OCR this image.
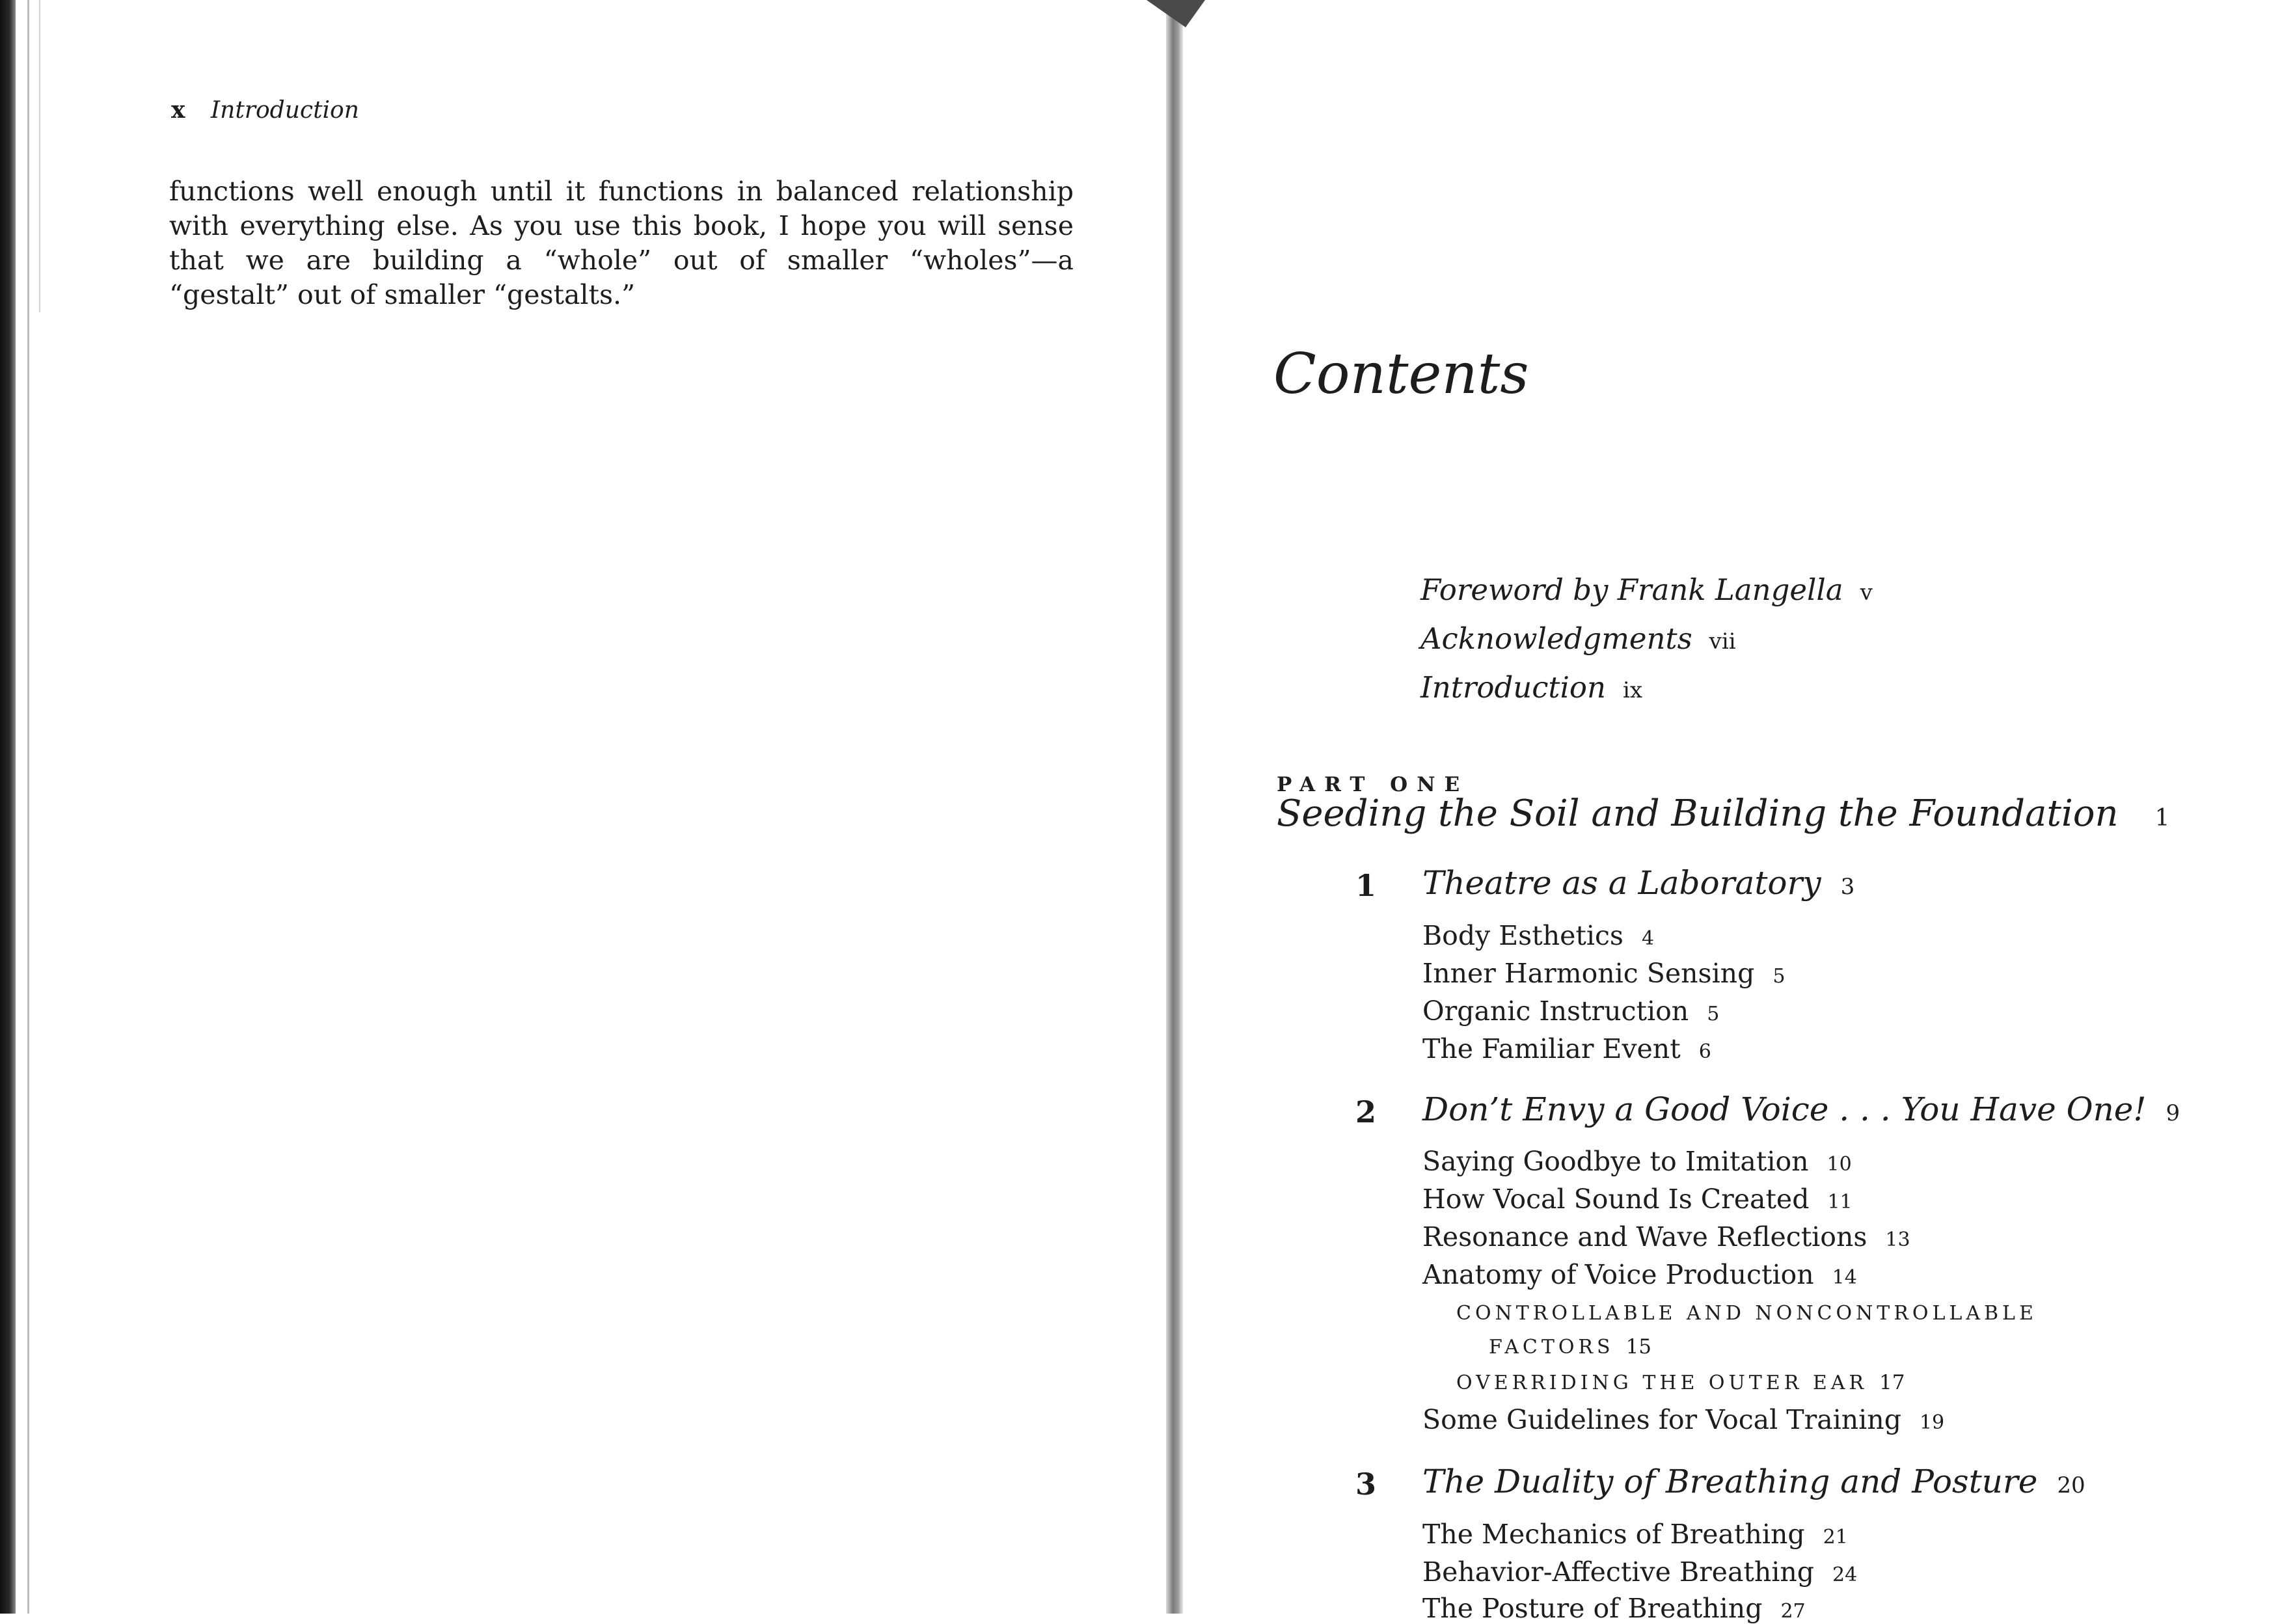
x Introduction

functions well enough until it functions in balanced relationship with everything else. As you use this book, I hope you will sense that we are building a “whole” out of smaller “wholes”—a “gestalt” out of smaller “gestalts.”

Contents
Foreword by Frank Langella v
Acknowledgments vii
Introduction ix
PART ONE
Seeding the Soil and Building the Foundation 1
1 Theatre as a Laboratory 3
Body Esthetics 4
Inner Harmonic Sensing 5
Organic Instruction 5
The Familiar Event 6
2 Don’t Envy a Good Voice . . . You Have One! 9
Saying Goodbye to Imitation 10
How Vocal Sound Is Created 11
Resonance and Wave Reflections 13
Anatomy of Voice Production 14
CONTROLLABLE AND NONCONTROLLABLE
FACTORS 15
OVERRIDING THE OUTER EAR 17
Some Guidelines for Vocal Training 19
3 The Duality of Breathing and Posture 20
The Mechanics of Breathing 21
Behavior-Affective Breathing 24
The Posture of Breathing 27
